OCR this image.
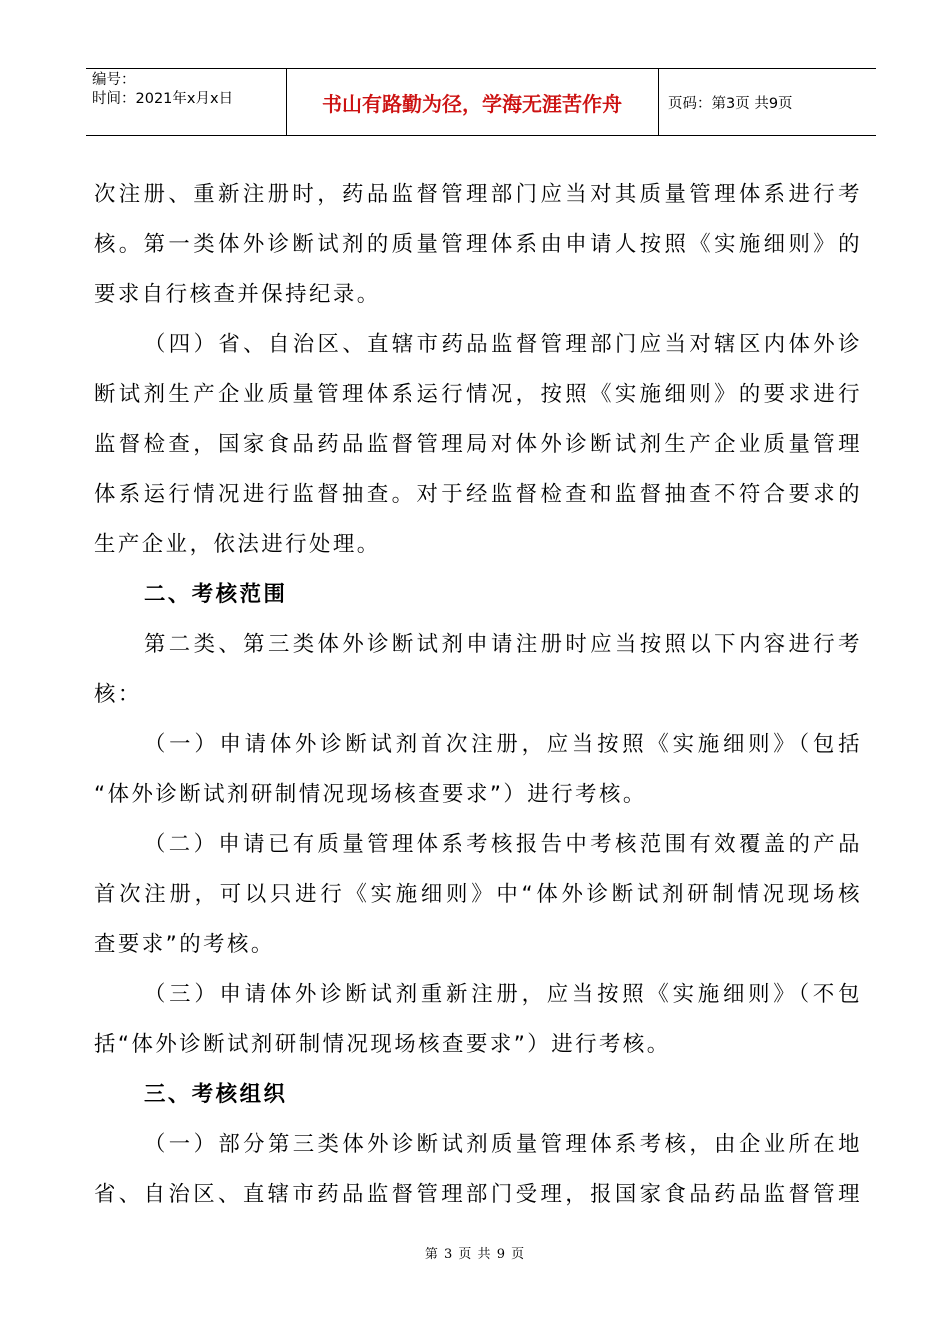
编号：
时间：2021年x月x日	书山有路勤为径，学海无涯苦作舟	页码：第3页 共9页

次注册、重新注册时，药品监督管理部门应当对其质量管理体系进行考

核。第一类体外诊断试剂的质量管理体系由申请人按照《实施细则》的

要求自行核查并保持纪录。

（四）省、自治区、直辖市药品监督管理部门应当对辖区内体外诊

断试剂生产企业质量管理体系运行情况，按照《实施细则》的要求进行

监督检查，国家食品药品监督管理局对体外诊断试剂生产企业质量管理

体系运行情况进行监督抽查。对于经监督检查和监督抽查不符合要求的

生产企业，依法进行处理。

二、考核范围

第二类、第三类体外诊断试剂申请注册时应当按照以下内容进行考

核：

（一）申请体外诊断试剂首次注册，应当按照《实施细则》（包括

“体外诊断试剂研制情况现场核查要求”）进行考核。

（二）申请已有质量管理体系考核报告中考核范围有效覆盖的产品

首次注册，可以只进行《实施细则》中“体外诊断试剂研制情况现场核

查要求”的考核。

（三）申请体外诊断试剂重新注册，应当按照《实施细则》（不包

括“体外诊断试剂研制情况现场核查要求”）进行考核。

三、考核组织

（一）部分第三类体外诊断试剂质量管理体系考核，由企业所在地

省、自治区、直辖市药品监督管理部门受理，报国家食品药品监督管理

第 3 页 共 9 页
